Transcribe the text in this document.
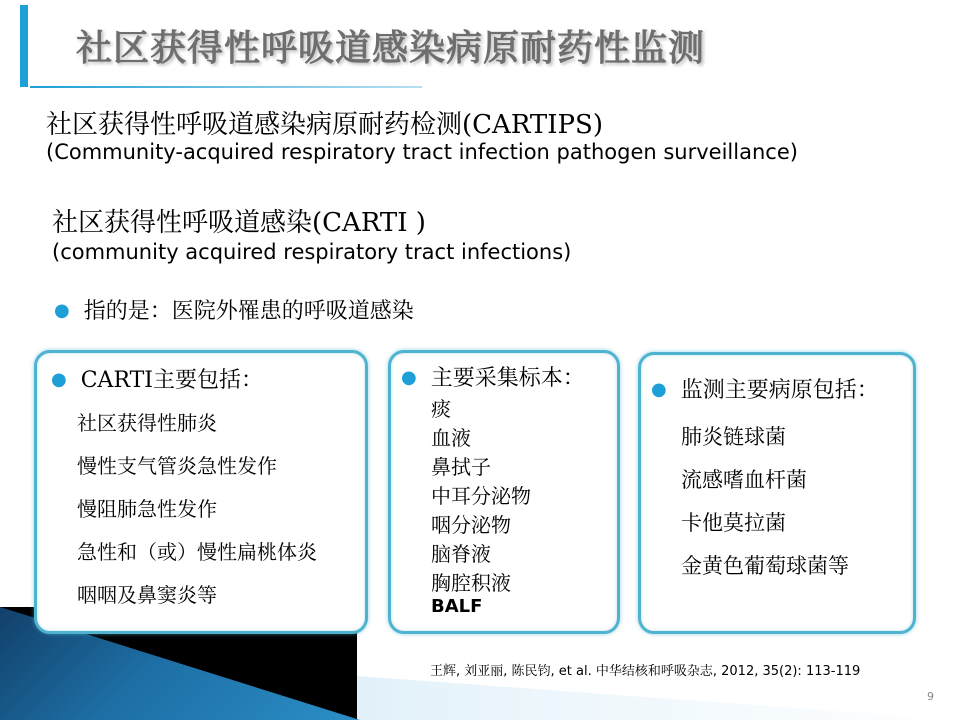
社区获得性呼吸道感染病原耐药性监测
社区获得性呼吸道感染病原耐药检测(CARTIPS)
(Community-acquired respiratory tract infection pathogen surveillance)
社区获得性呼吸道感染(CARTI )
(community acquired respiratory tract infections)
● 指的是：医院外罹患的呼吸道感染
● CARTI主要包括：
社区获得性肺炎
慢性支气管炎急性发作
慢阻肺急性发作
急性和（或）慢性扁桃体炎
咽咽及鼻窦炎等
● 主要采集标本：
痰
血液
鼻拭子
中耳分泌物
咽分泌物
脑脊液
胸腔积液
BALF
● 监测主要病原包括：
肺炎链球菌
流感嗜血杆菌
卡他莫拉菌
金黄色葡萄球菌等
王辉, 刘亚丽, 陈民钧, et al. 中华结核和呼吸杂志, 2012, 35(2): 113-119
9
